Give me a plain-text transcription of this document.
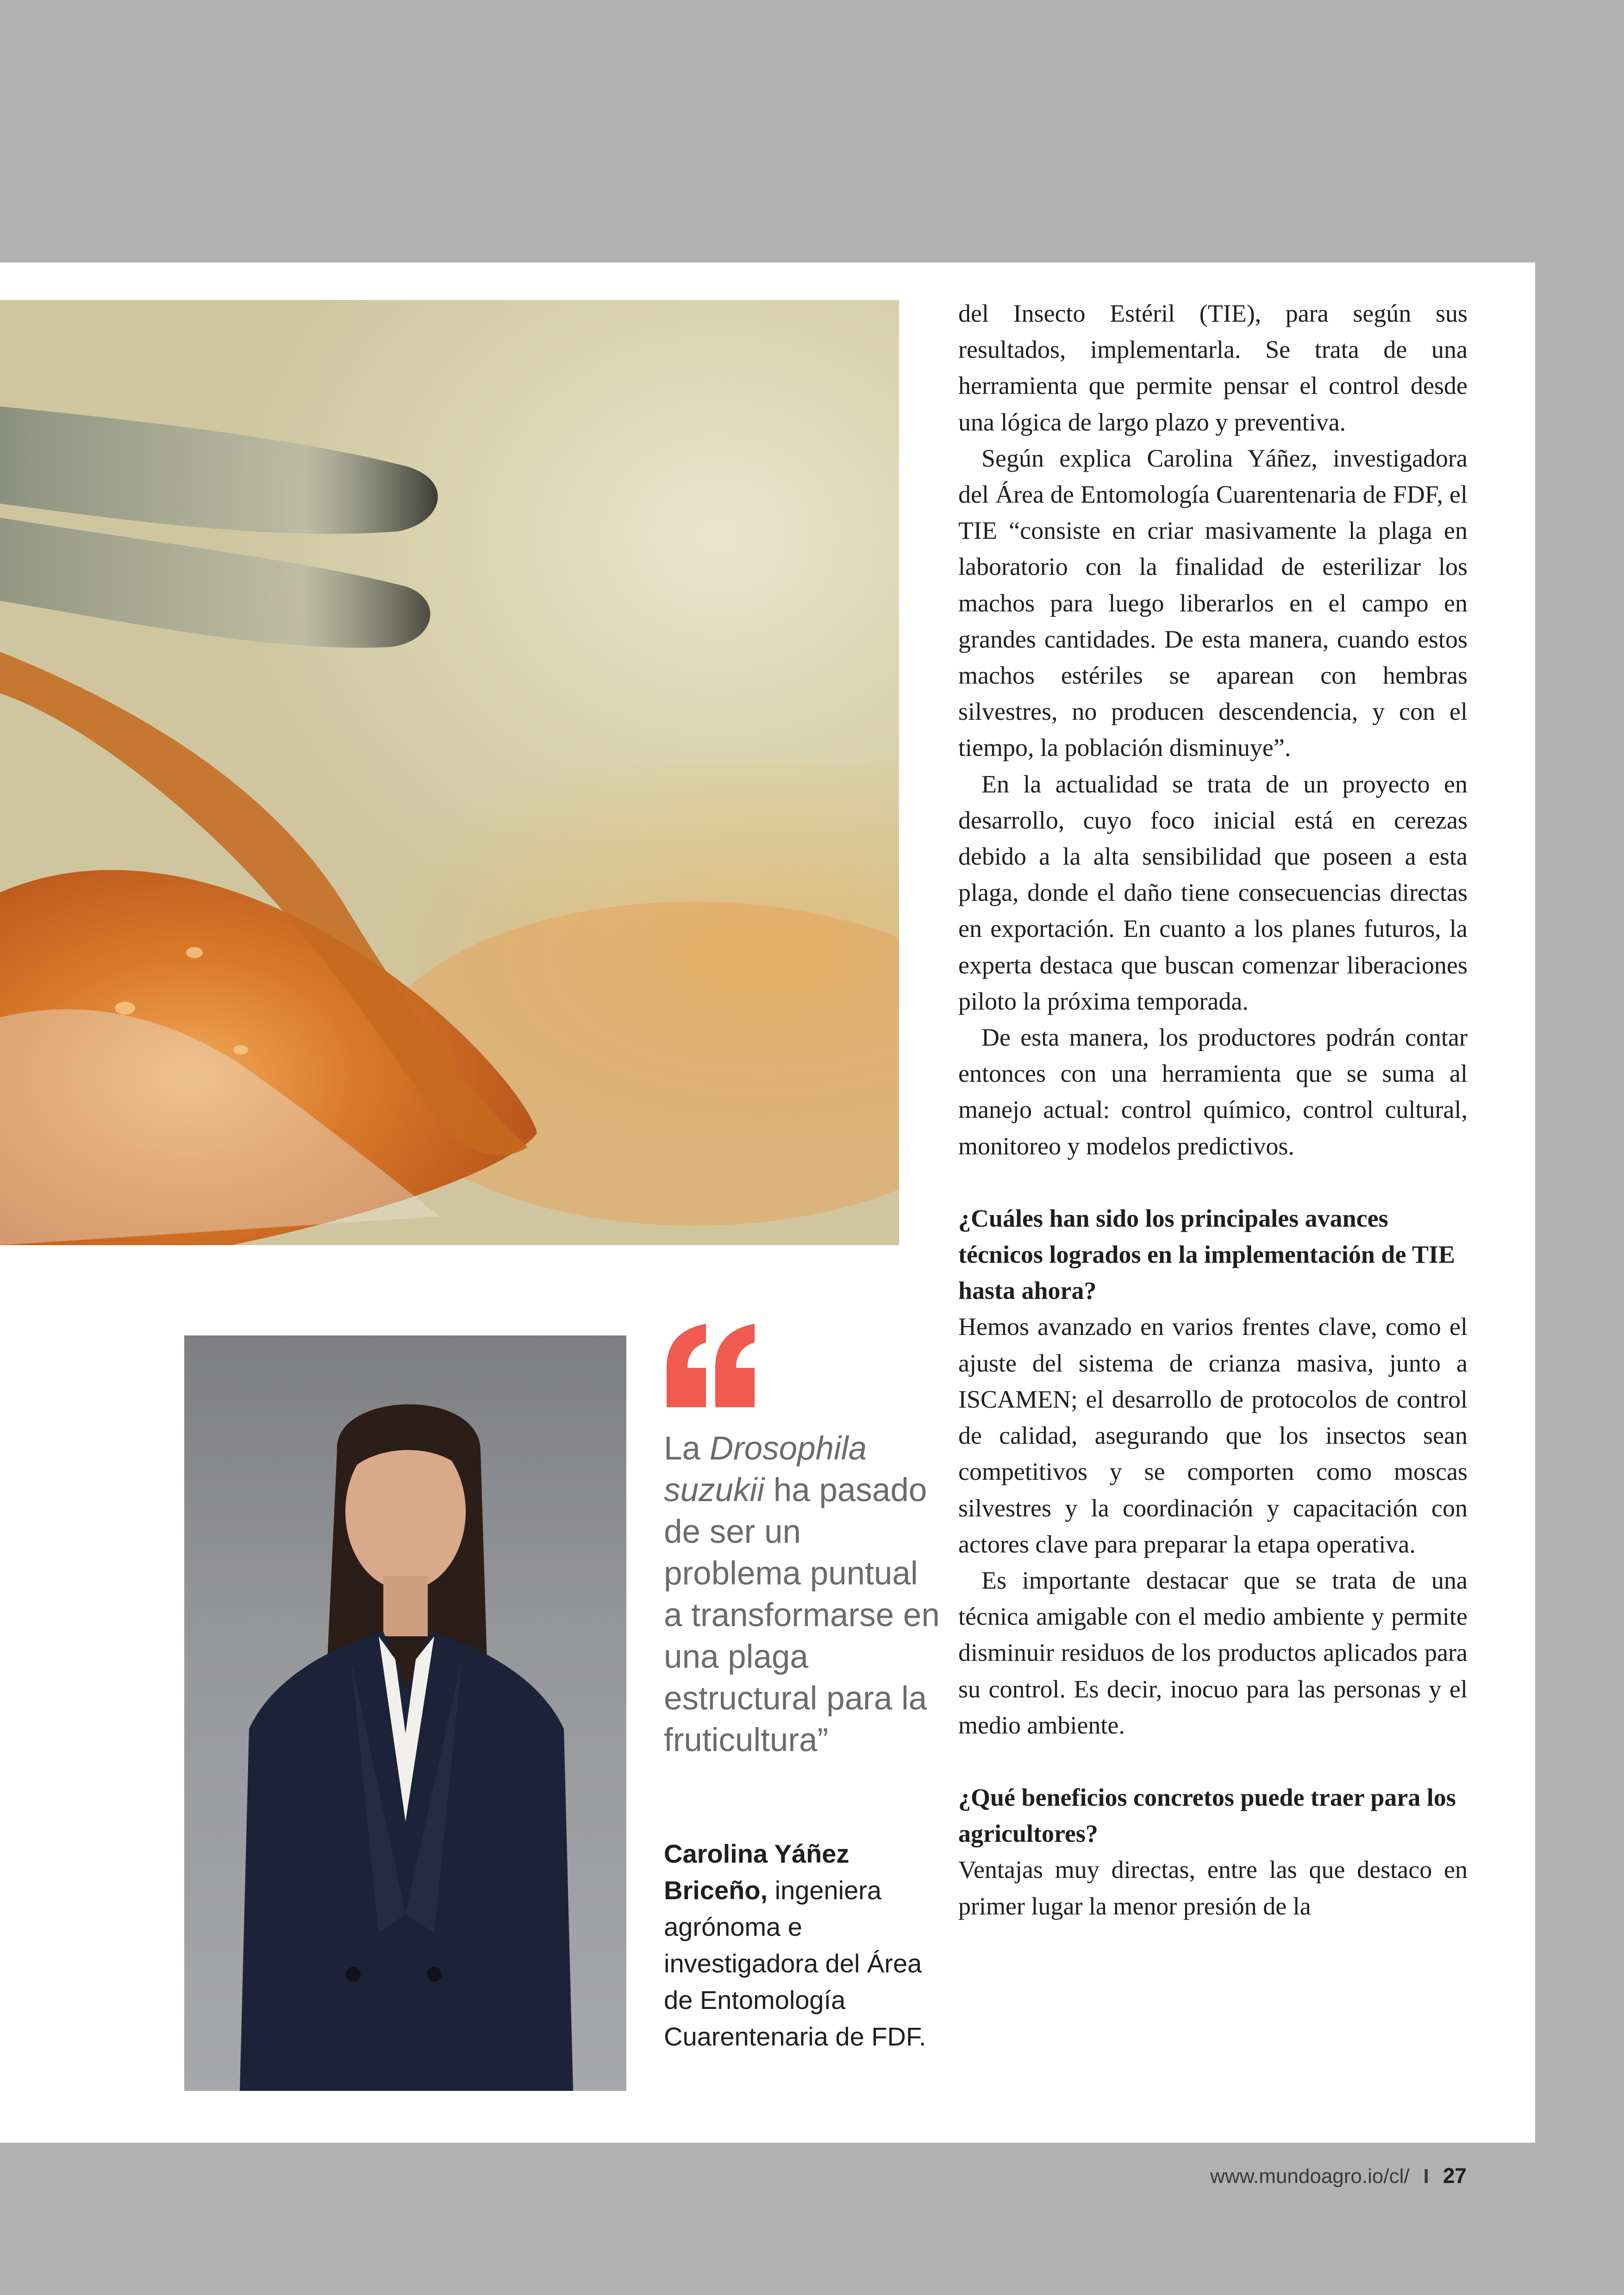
del Insecto Estéril (TIE), para según sus resultados, implementarla. Se trata de una herramienta que permite pensar el control desde una lógica de largo plazo y preventiva.

Según explica Carolina Yáñez, investigadora del Área de Entomología Cuarentenaria de FDF, el TIE “consiste en criar masivamente la plaga en laboratorio con la finalidad de esterilizar los machos para luego liberarlos en el campo en grandes cantidades. De esta manera, cuando estos machos estériles se aparean con hembras silvestres, no producen descendencia, y con el tiempo, la población disminuye”.

En la actualidad se trata de un proyecto en desarrollo, cuyo foco inicial está en cerezas debido a la alta sensibilidad que poseen a esta plaga, donde el daño tiene consecuencias directas en exportación. En cuanto a los planes futuros, la experta destaca que buscan comenzar liberaciones piloto la próxima temporada.

De esta manera, los productores podrán contar entonces con una herramienta que se suma al manejo actual: control químico, control cultural, monitoreo y modelos predictivos.

¿Cuáles han sido los principales avances técnicos logrados en la implementación de TIE hasta ahora?

Hemos avanzado en varios frentes clave, como el ajuste del sistema de crianza masiva, junto a ISCAMEN; el desarrollo de protocolos de control de calidad, asegurando que los insectos sean competitivos y se comporten como moscas silvestres y la coordinación y capacitación con actores clave para preparar la etapa operativa.

Es importante destacar que se trata de una técnica amigable con el medio ambiente y permite disminuir residuos de los productos aplicados para su control. Es decir, inocuo para las personas y el medio ambiente.

¿Qué beneficios concretos puede traer para los agricultores?

Ventajas muy directas, entre las que destaco en primer lugar la menor presión de la

La Drosophila suzukii ha pasado de ser un problema puntual a transformarse en una plaga estructural para la fruticultura”
Carolina Yáñez Briceño, ingeniera agrónoma e investigadora del Área de Entomología Cuarentenaria de FDF.
www.mundoagro.io/cl/ I 27
